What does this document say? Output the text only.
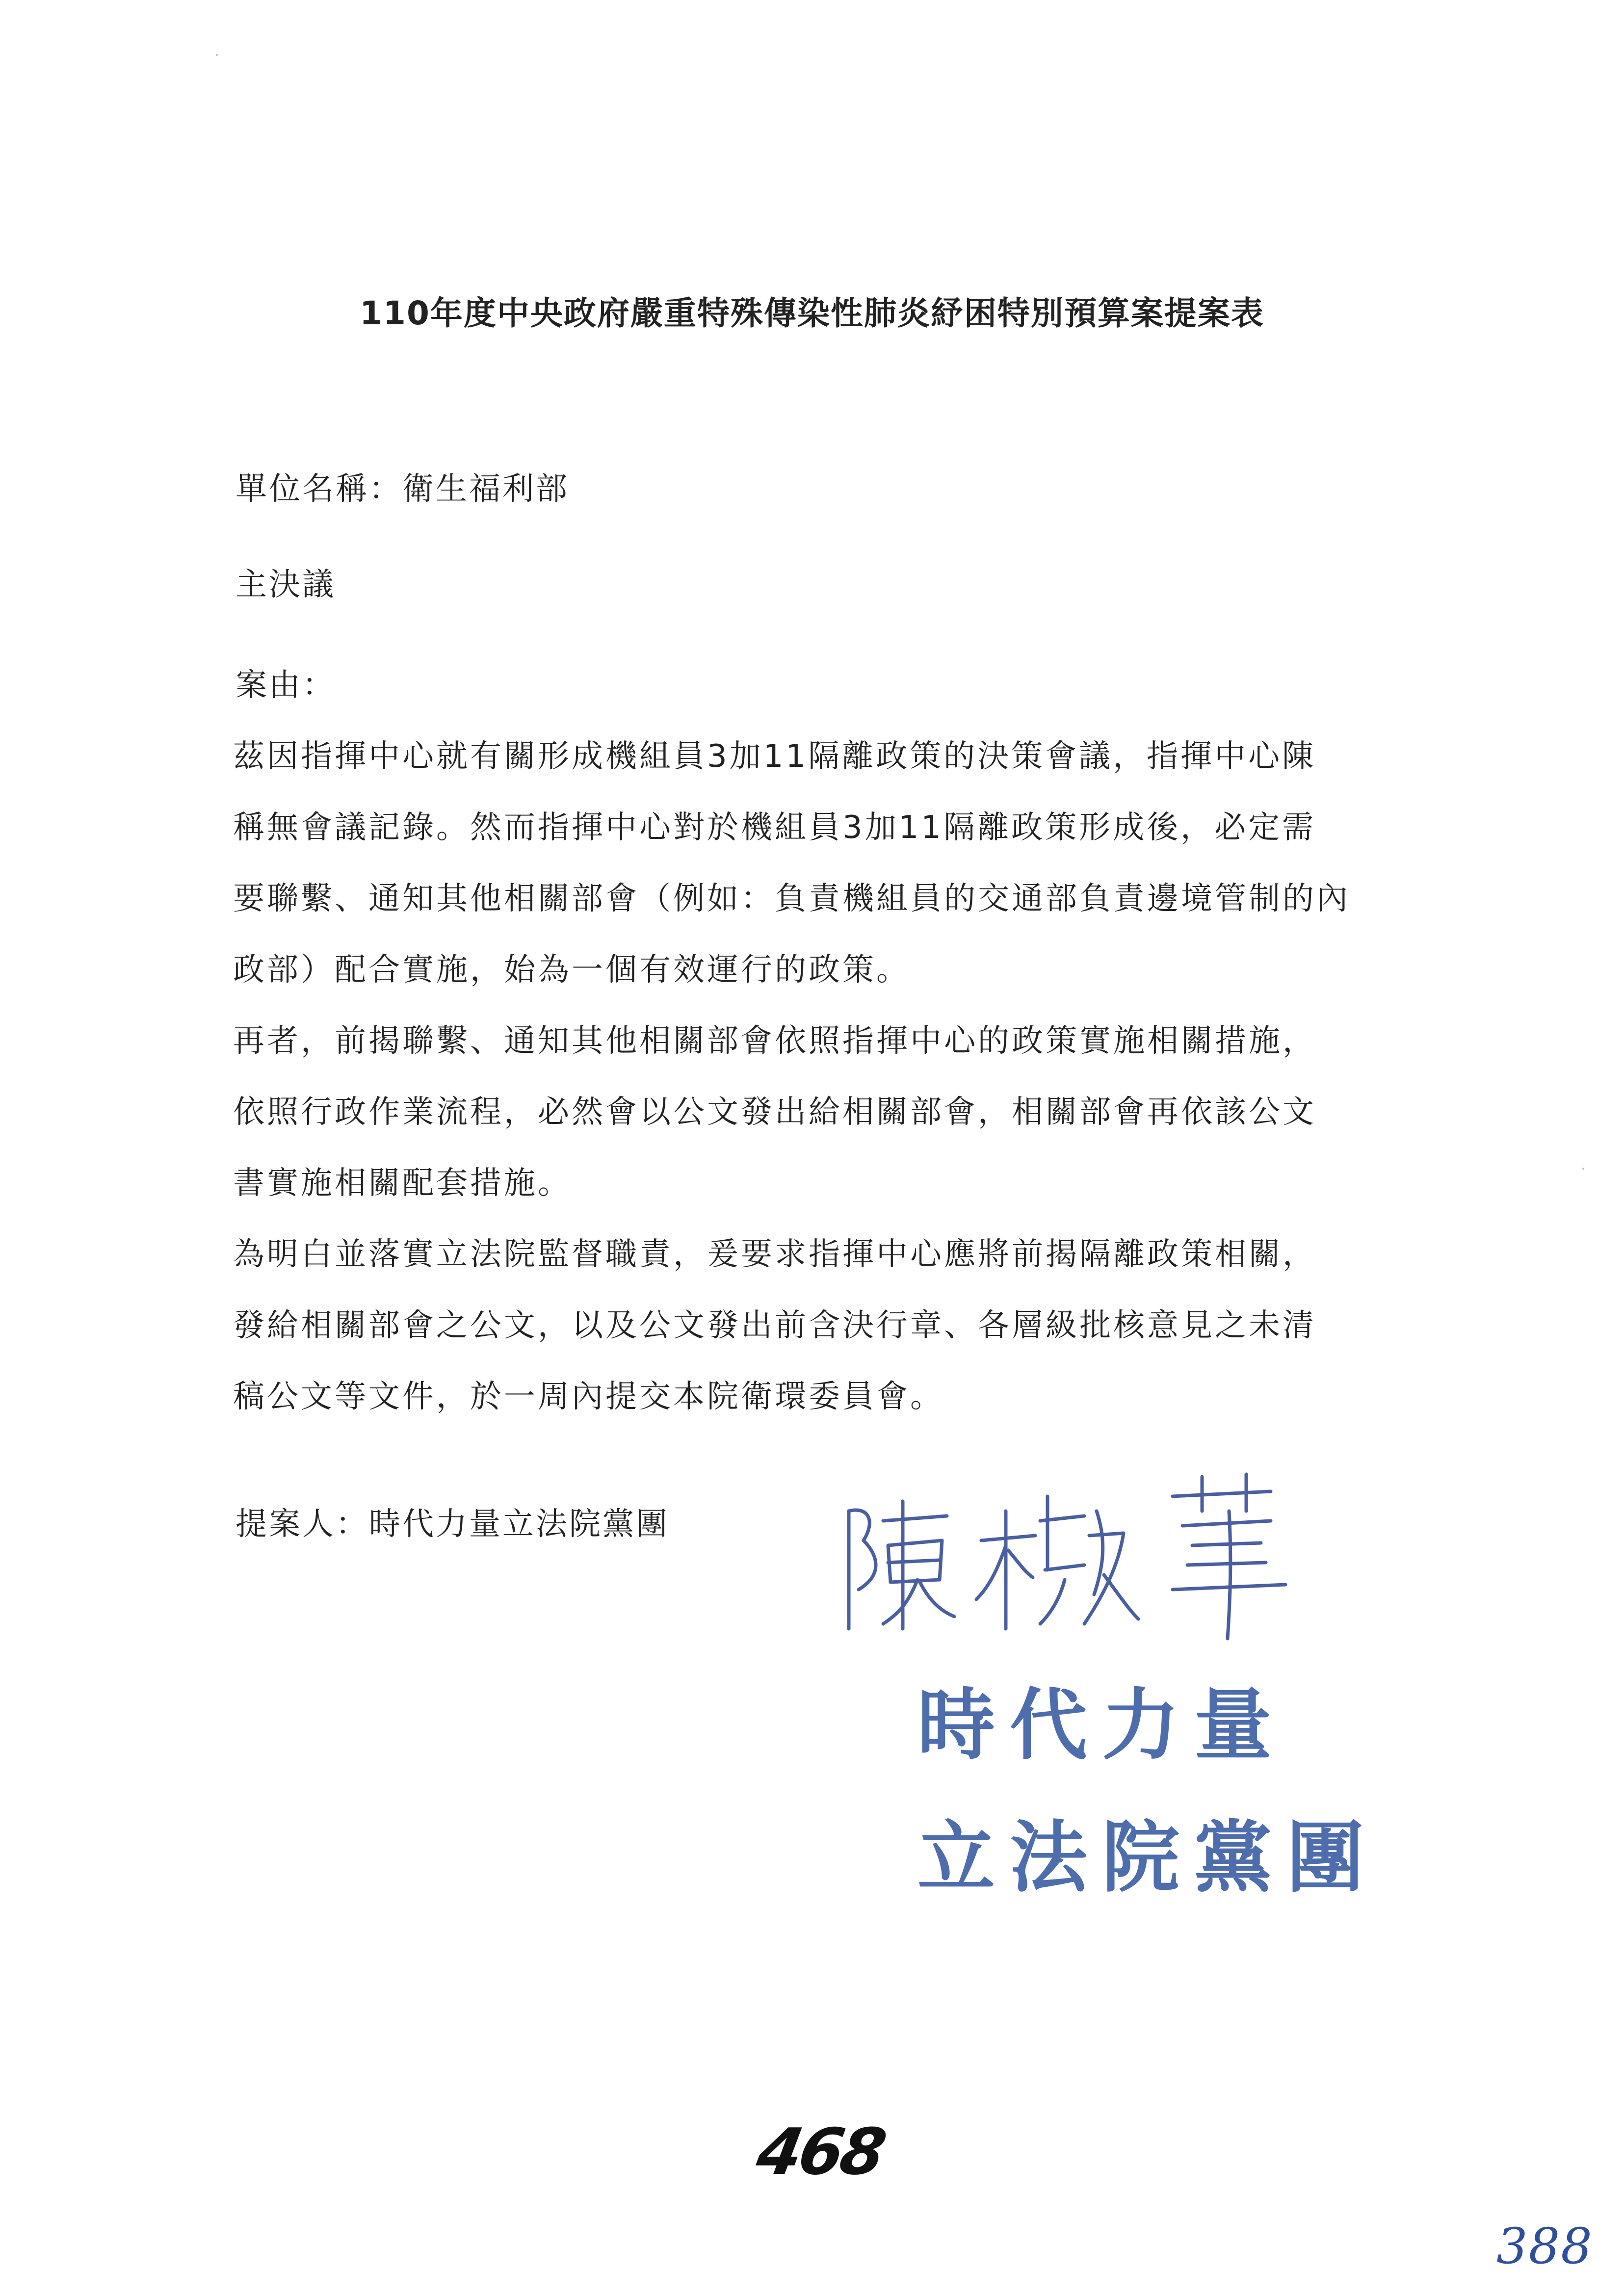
110年度中央政府嚴重特殊傳染性肺炎紓困特別預算案提案表
單位名稱：衛生福利部
主決議
案由：
茲因指揮中心就有關形成機組員3加11隔離政策的決策會議，指揮中心陳
稱無會議記錄。然而指揮中心對於機組員3加11隔離政策形成後，必定需
要聯繫、通知其他相關部會（例如：負責機組員的交通部負責邊境管制的內
政部）配合實施，始為一個有效運行的政策。
再者，前揭聯繫、通知其他相關部會依照指揮中心的政策實施相關措施，
依照行政作業流程，必然會以公文發出給相關部會，相關部會再依該公文
書實施相關配套措施。
為明白並落實立法院監督職責，爰要求指揮中心應將前揭隔離政策相關，
發給相關部會之公文，以及公文發出前含決行章、各層級批核意見之未清
稿公文等文件，於一周內提交本院衛環委員會。
提案人：時代力量立法院黨團
時代力量
立法院黨團
468
388
